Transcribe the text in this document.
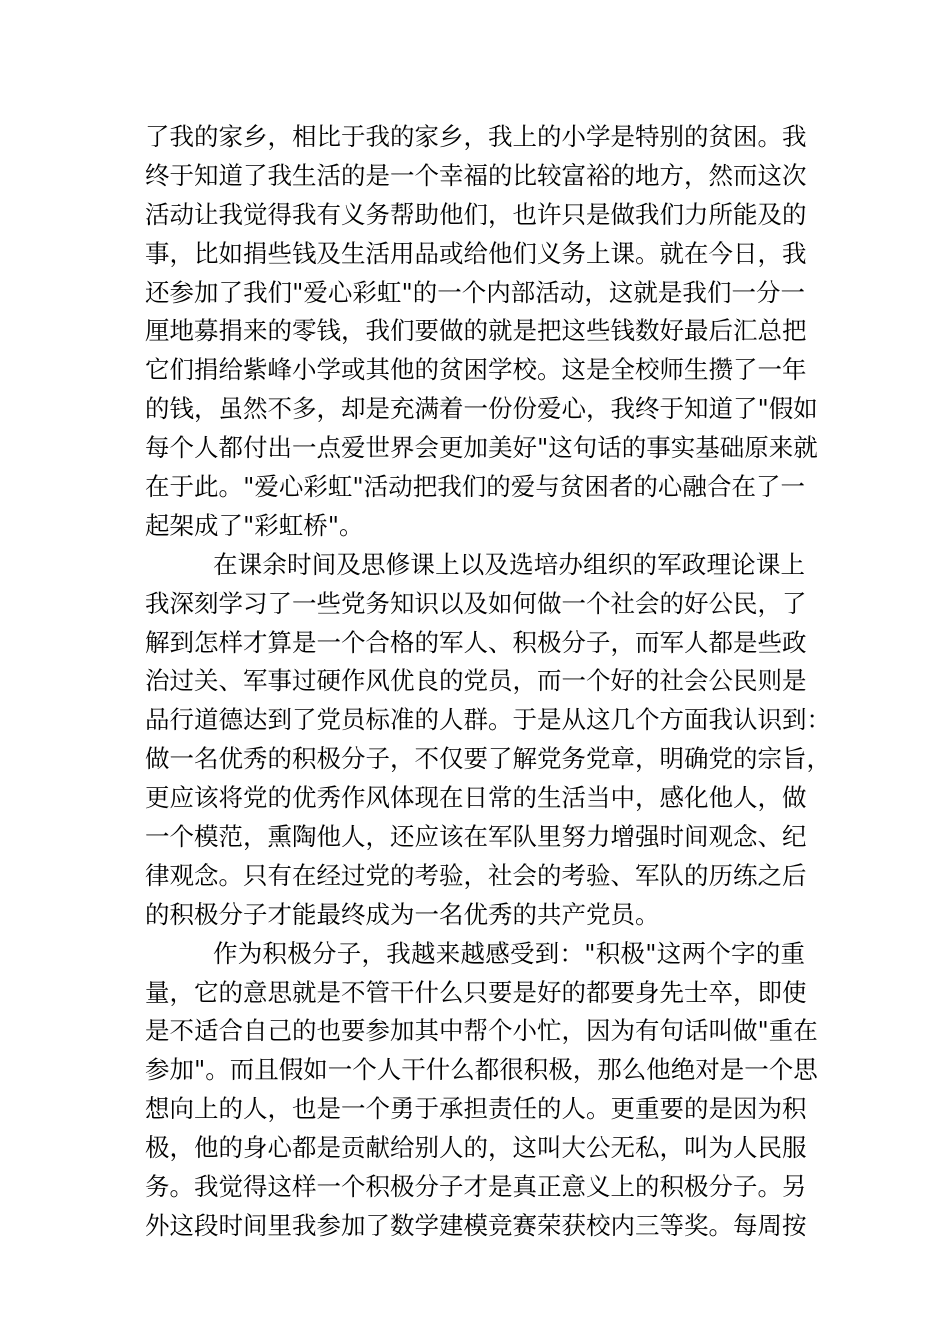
了我的家乡，相比于我的家乡，我上的小学是特别的贫困。我
终于知道了我生活的是一个幸福的比较富裕的地方，然而这次
活动让我觉得我有义务帮助他们，也许只是做我们力所能及的
事，比如捐些钱及生活用品或给他们义务上课。就在今日，我
还参加了我们"爱心彩虹"的一个内部活动，这就是我们一分一
厘地募捐来的零钱，我们要做的就是把这些钱数好最后汇总把
它们捐给紫峰小学或其他的贫困学校。这是全校师生攒了一年
的钱，虽然不多，却是充满着一份份爱心，我终于知道了"假如
每个人都付出一点爱世界会更加美好"这句话的事实基础原来就
在于此。"爱心彩虹"活动把我们的爱与贫困者的心融合在了一
起架成了"彩虹桥"。
在课余时间及思修课上以及选培办组织的军政理论课上
我深刻学习了一些党务知识以及如何做一个社会的好公民，了
解到怎样才算是一个合格的军人、积极分子，而军人都是些政
治过关、军事过硬作风优良的党员，而一个好的社会公民则是
品行道德达到了党员标准的人群。于是从这几个方面我认识到：
做一名优秀的积极分子，不仅要了解党务党章，明确党的宗旨，
更应该将党的优秀作风体现在日常的生活当中，感化他人，做
一个模范，熏陶他人，还应该在军队里努力增强时间观念、纪
律观念。只有在经过党的考验，社会的考验、军队的历练之后
的积极分子才能最终成为一名优秀的共产党员。
作为积极分子，我越来越感受到："积极"这两个字的重
量，它的意思就是不管干什么只要是好的都要身先士卒，即使
是不适合自己的也要参加其中帮个小忙，因为有句话叫做"重在
参加"。而且假如一个人干什么都很积极，那么他绝对是一个思
想向上的人，也是一个勇于承担责任的人。更重要的是因为积
极，他的身心都是贡献给别人的，这叫大公无私，叫为人民服
务。我觉得这样一个积极分子才是真正意义上的积极分子。另
外这段时间里我参加了数学建模竞赛荣获校内三等奖。每周按
